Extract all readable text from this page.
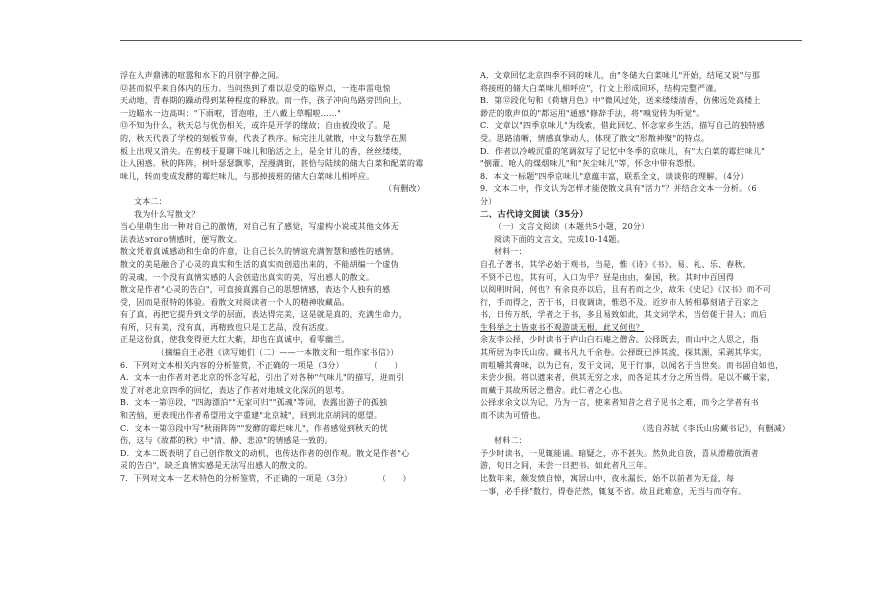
浮在人声鼎沸的喧嚣和水下的月别字静之间。
⑫甚而似乎来自体内的压力。当问热到了难以忍受的临界点，一连串雷电惊
天动地，青春期的躁动得到某种程度的释放。而一作，孩子冲向鸟路旁凹向上，
一边瞄水一边高叫："下雨啦，冒泡啦，王八戴上草帽啦……"
⑬不知为什么，秋天总与优伤相关，或许是开学的缘故；自由被没收了。是
的，秋天代表了学校的刻板节奏，代表了秩序。标完注儿就散，中文与数学在黑
板上出现又消失。在剪枝于夏聊下味儿和胎活之上，是全甘儿的香，丝丝缕缕，
让人困惑。秋的阵阵，树叶瑟瑟飘零，涅漫满街，甚恰与陆续的储大白菜和配菜的霉
味儿，转而变成发酵的霉烂味儿，与那掉接班的储大白菜味儿相呼应。
（有删改）
文本二：
我为什么写散文？
当心里萌生出一种对自己的激情，对自己有了感觉，写虚构小说或其他文体无
法表达этого情感时，便写散文。
散文凭着真诚感动和生命的许意，让自己长久的情谊充满智慧和感性的感情。
散文的美是融合了心灵的真实和生活的真实而创造出来的，不能胡编一个虚伪
的灵魂，一个没有真情实感的人会创造出真实的美，写出感人的散文。
散文是作者"心灵的告白"，可直接真露自己的思想情感，表达个人独有的感
受，因而是很特的体验。看散文对阅读者一个人的精神收藏品。
有了真，再把它提升到文学的层面，表达得完美，这是就是真的，充满生命力，
有所，只有美，没有真，再精致也只是工艺品，没有活度。
正是这份真，使我变得更大红大紫，却也在真诚中，看零幽兰。
（摘编自王必胜《读写她们（二）——一本散文和一组作家书信》）
6．下列对文本相关内容的分析鉴赏，不正确的一项是（3分）	（　　）
A．文本一由作者对老北京的怀念写起，引出了对各种"气味儿"的描写，进而引
发了对老北京四季的回忆，表达了作者对地域文化深沉的思考。
B．文本一第⑪段，"四海漂泊""无家可归""孤魂"等词，表露出游子的孤独
和苦恼，更表现出作者希望用文字重建"北京城"，回到北京胡同的愿望。
C．文本一第⑬段中写"秋雨阵阵""发酵的霉烂味儿"，作者感觉到秋天的忧
伤，这与《故都的秋》中"清、静、悲凉"的情感是一致的。
D．文本二既表明了自己创作散文的动机，也传达作者的创作观。散文是作者"心
灵的告白"，缺乏真情实感是无法写出感人的散文的。
7．下列对文本一艺术特色的分析鉴赏，不正确的一项是（3分）	（　　）
A．文章回忆北京四季不同的味儿，由"冬储大白菜味儿"开始，结尾又说"与那
将接班的储大白菜味儿相呼应"，行文上形成回环，结构完整严谨。
B．第⑫段化句和《荷塘月色》中"微风过处，送来缕缕清香，仿佛远处高楼上
渺茫的歌声似的"都运用"通感"修辞手法，将"嗅觉转为听觉"。
C．文章以"四季京味儿"为线索，借此回忆、怀念家乡生活，描写自己的独特感
受。思路清晰，情感真挚动人，体现了散文"形散神聚"的特点。
D．作者以冷峻沉重的笔调叙写了记忆中冬季的京味儿，有"大白菜的霉烂味儿"
"倒灌、呛人的煤烟味儿"和"灰尘味儿"等，怀念中带有怨恨。
8．本文一标题"四季京味儿"意蕴丰富，联系全文，谈谈你的理解。（4分）
9．文本二中，作文认为怎样才能使散文具有"活力"？并结合文本一分析。（6
分）
二、古代诗文阅读（35分）
（一）文言文阅读（本题共5小题，20分）
阅读下面的文言文，完成10-14题。
材料一：
自孔子著书，其学必始于观书，当是，惟《诗》《书》、易、礼、乐、春秋，
不贤不已也，其有可，入口为乎？昼是由由，秦国，秋。其时中百国得
以阅明时间，何也？有余良亦以后，且有若而之少，故朱《史记》《汉书》而不可
行，手而得之，苦于书，日夜调读，惟恐不及。近岁市人转相摹刻诸子百家之
书，日传万纸，学者之于书，多且易致如此，其文词学术，当倍蓰于昔人；而后
生科举之士皆束书不观游谈无根，此又何也？
余友李公择，少时读书于庐山白石庵之僧舍。公择既去，而山中之人思之，指
其所居为李氏山房。藏书凡九千余卷。公择既已涉其流，探其源，采剥其华实，
而咀嚼其膏味，以为已有，发于文词，见于行事，以闻名于当世矣。而书固自如也，
未尝少损。将以遗来者，供其无穷之求，而各足其才分之所当得。是以不藏于家，
而藏于其故所居之僧舍。此仁者之心也。
公择求余文以为记，乃为一言，使来者知昔之君子见书之难，而今之学者有书
而不读为可惜也。
（选自苏轼《李氏山房藏书记》，有删减）
材料二：
予少时读书，一见辄能诵。暗疑之，亦不甚失。然负此自放，喜从滑稽放酒者
游，旬日之间，未尝一日把书。如此者凡三年。
比数年来，颇发愤自悼，寓居山中，夜永漏长，始不以前者为无益，每
一事，必手择"数行，得卷茫然，辄复不省。故且此难意，无当与而夺有。
